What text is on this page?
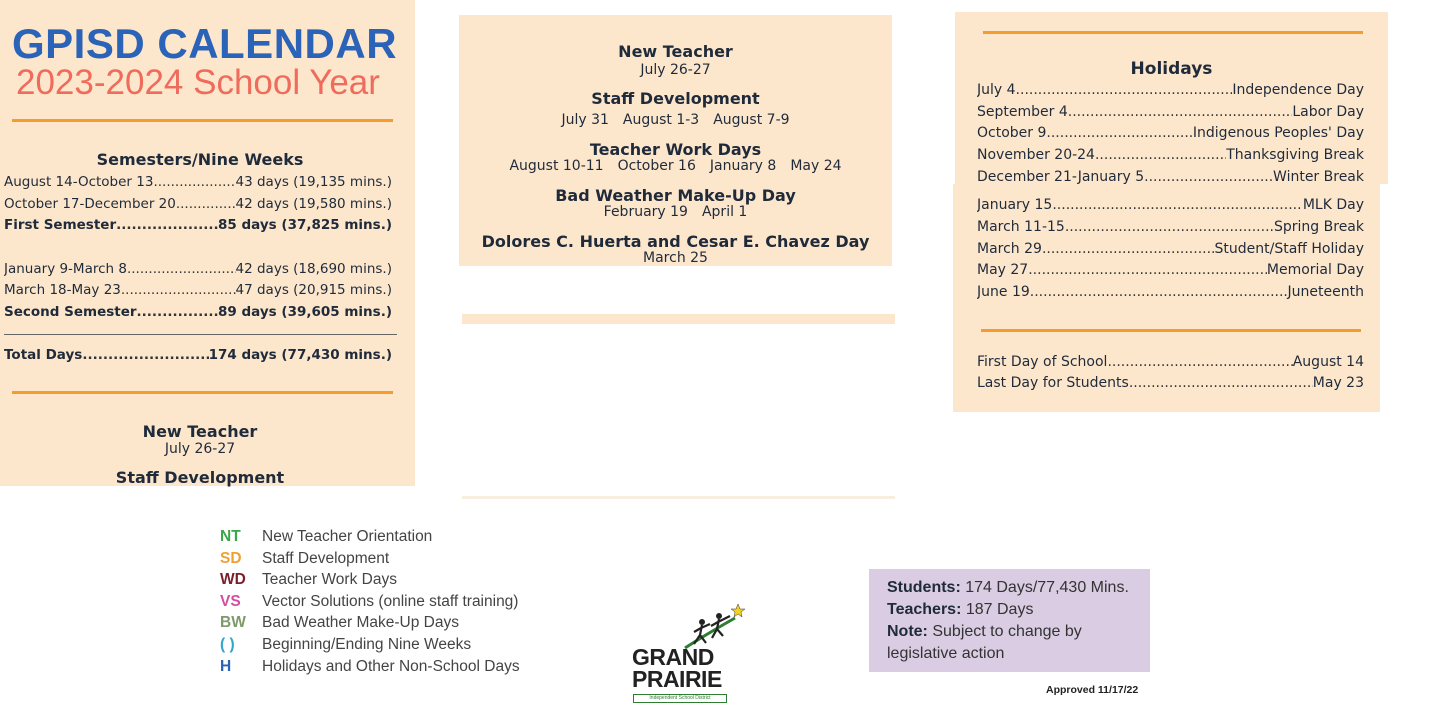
GPISD CALENDAR
2023-2024 School Year
Semesters/Nine Weeks
August 14-October 13 .....	43 days (19,135 mins.)
October 17-December 20 .....	42 days (19,580 mins.)
First Semester .....	85 days (37,825 mins.)
January 9-March 8 .....	42 days (18,690 mins.)
March 18-May 23 .....	47 days (20,915 mins.)
Second Semester .....	89 days (39,605 mins.)
Total Days .....	174 days (77,430 mins.)
New Teacher
July 26-27
Staff Development
New Teacher
July 26-27
Staff Development
July 31 August 1-3 August 7-9
Teacher Work Days
August 10-11 October 16 January 8 May 24
Bad Weather Make-Up Day
February 19 April 1
Dolores C. Huerta and Cesar E. Chavez Day
March 25
Holidays
July 4 .....	Independence Day
September 4 .....	Labor Day
October 9 .....	Indigenous Peoples' Day
November 20-24 .....	Thanksgiving Break
December 21-January 5 .....	Winter Break
January 15 .....	MLK Day
March 11-15 .....	Spring Break
March 29 .....	Student/Staff Holiday
May 27 .....	Memorial Day
June 19 .....	Juneteenth
First Day of School .....	August 14
Last Day for Students .....	May 23
NT New Teacher Orientation
SD Staff Development
WD Teacher Work Days
VS Vector Solutions (online staff training)
BW Bad Weather Make-Up Days
( ) Beginning/Ending Nine Weeks
H Holidays and Other Non-School Days	GRAND
PRAIRIE
Independent School District
Students: 174 Days/77,430 Mins.
Teachers: 187 Days
Note: Subject to change by
legislative action
Approved 11/17/22
